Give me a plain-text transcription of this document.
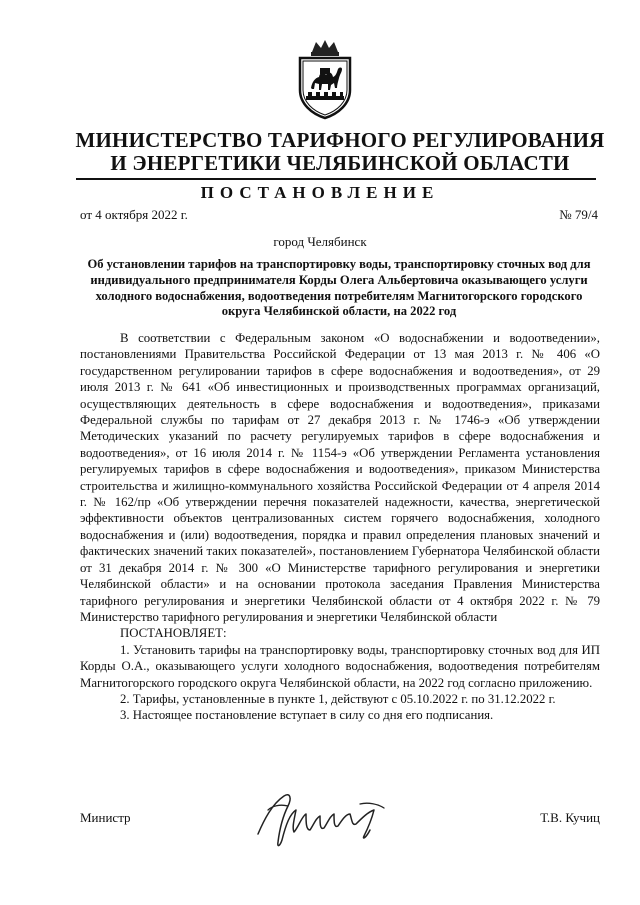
МИНИСТЕРСТВО ТАРИФНОГО РЕГУЛИРОВАНИЯ
И ЭНЕРГЕТИКИ ЧЕЛЯБИНСКОЙ ОБЛАСТИ
ПОСТАНОВЛЕНИЕ
от 4 октября 2022 г.	№ 79/4
город Челябинск
Об установлении тарифов на транспортировку воды, транспортировку сточных вод для индивидуального предпринимателя Корды Олега Альбертовича оказывающего услуги холодного водоснабжения, водоотведения потребителям Магнитогорского городского округа Челябинской области, на 2022 год

В соответствии с Федеральным законом «О водоснабжении и водоотведении», постановлениями Правительства Российской Федерации от 13 мая 2013 г. № 406 «О государственном регулировании тарифов в сфере водоснабжения и водоотведения», от 29 июля 2013 г. № 641 «Об инвестиционных и производственных программах организаций, осуществляющих деятельность в сфере водоснабжения и водоотведения», приказами Федеральной службы по тарифам от 27 декабря 2013 г. № 1746-э «Об утверждении Методических указаний по расчету регулируемых тарифов в сфере водоснабжения и водоотведения», от 16 июля 2014 г. № 1154-э «Об утверждении Регламента установления регулируемых тарифов в сфере водоснабжения и водоотведения», приказом Министерства строительства и жилищно-коммунального хозяйства Российской Федерации от 4 апреля 2014 г. № 162/пр «Об утверждении перечня показателей надежности, качества, энергетической эффективности объектов централизованных систем горячего водоснабжения, холодного водоснабжения и (или) водоотведения, порядка и правил определения плановых значений и фактических значений таких показателей», постановлением Губернатора Челябинской области от 31 декабря 2014 г. № 300 «О Министерстве тарифного регулирования и энергетики Челябинской области» и на основании протокола заседания Правления Министерства тарифного регулирования и энергетики Челябинской области от 4 октября 2022 г. № 79 Министерство тарифного регулирования и энергетики Челябинской области

ПОСТАНОВЛЯЕТ:

1. Установить тарифы на транспортировку воды, транспортировку сточных вод для ИП Корды О.А., оказывающего услуги холодного водоснабжения, водоотведения потребителям Магнитогорского городского округа Челябинской области, на 2022 год согласно приложению.

2. Тарифы, установленные в пункте 1, действуют с 05.10.2022 г. по 31.12.2022 г.

3. Настоящее постановление вступает в силу со дня его подписания.

Министр	Т.В. Кучиц
